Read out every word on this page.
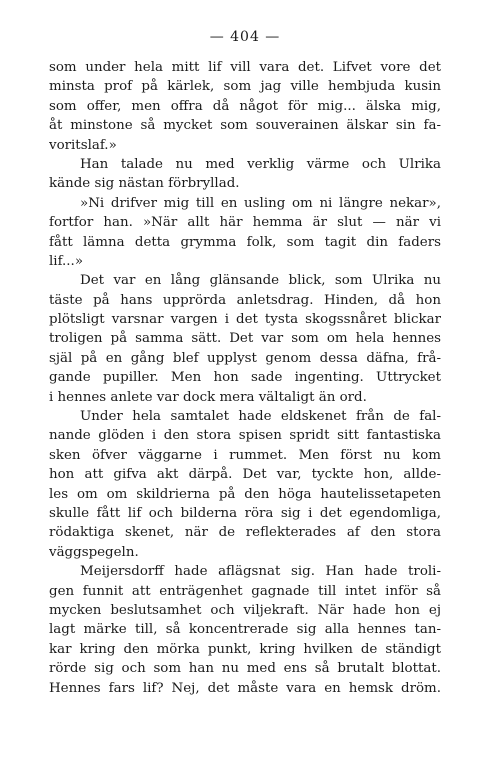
— 404 —
som under hela mitt lif vill vara det. Lifvet vore det
minsta prof på kärlek, som jag ville hembjuda kusin
som offer, men offra då något för mig... älska mig,
åt minstone så mycket som souverainen älskar sin fa-
voritslaf.»
Han talade nu med verklig värme och Ulrika
kände sig nästan förbryllad.
»Ni drifver mig till en usling om ni längre nekar»,
fortfor han. »När allt här hemma är slut — när vi
fått lämna detta grymma folk, som tagit din faders
lif...»
Det var en lång glänsande blick, som Ulrika nu
täste på hans upprörda anletsdrag. Hinden, då hon
plötsligt varsnar vargen i det tysta skogssnåret blickar
troligen på samma sätt. Det var som om hela hennes
själ på en gång blef upplyst genom dessa däfna, frå-
gande pupiller. Men hon sade ingenting. Uttrycket
i hennes anlete var dock mera vältaligt än ord.
Under hela samtalet hade eldskenet från de fal-
nande glöden i den stora spisen spridt sitt fantastiska
sken öfver väggarne i rummet. Men först nu kom
hon att gifva akt därpå. Det var, tyckte hon, allde-
les om om skildrierna på den höga hautelissetapeten
skulle fått lif och bilderna röra sig i det egendomliga,
rödaktiga skenet, när de reflekterades af den stora
väggspegeln.
Meijersdorff hade aflägsnat sig. Han hade troli-
gen funnit att enträgenhet gagnade till intet inför så
mycken beslutsamhet och viljekraft. När hade hon ej
lagt märke till, så koncentrerade sig alla hennes tan-
kar kring den mörka punkt, kring hvilken de ständigt
rörde sig och som han nu med ens så brutalt blottat.
Hennes fars lif? Nej, det måste vara en hemsk dröm.
